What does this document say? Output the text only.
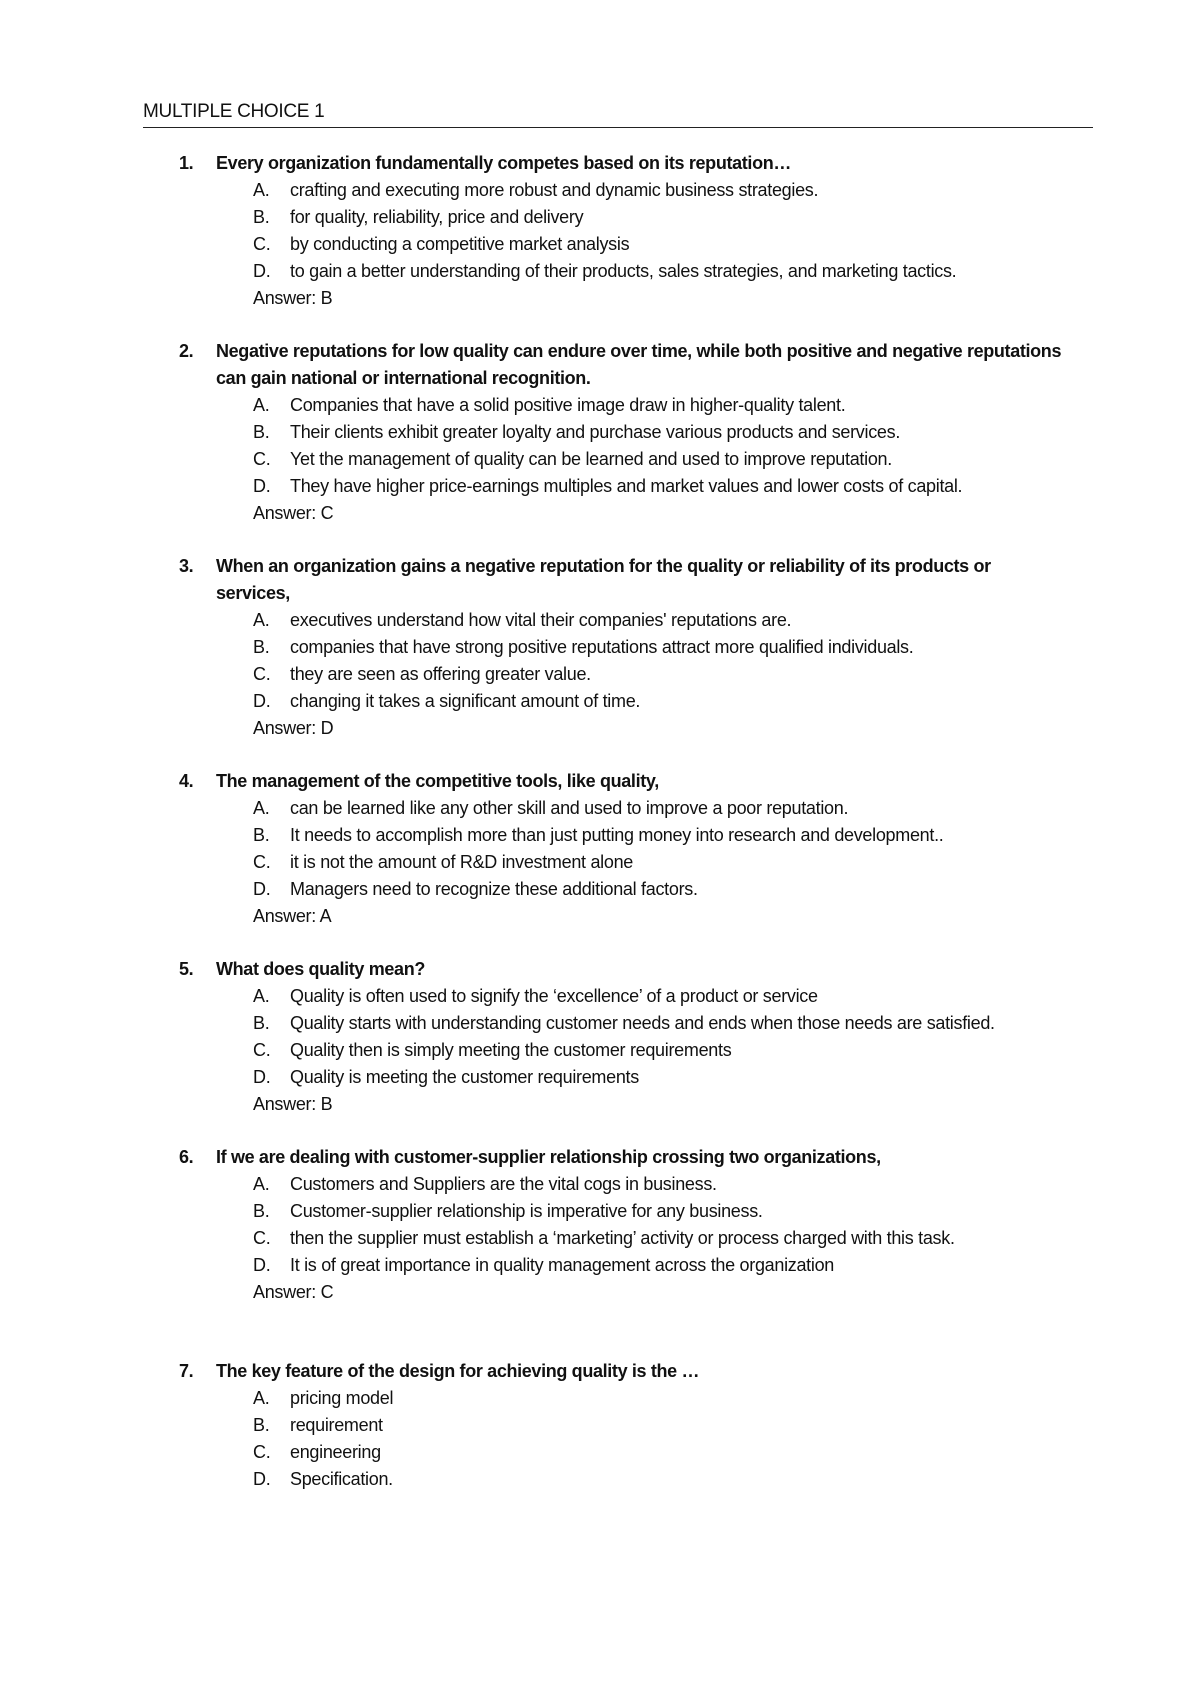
MULTIPLE CHOICE 1
1.	Every organization fundamentally competes based on its reputation…
A.	crafting and executing more robust and dynamic business strategies.
B.	for quality, reliability, price and delivery
C.	by conducting a competitive market analysis
D.	to gain a better understanding of their products, sales strategies, and marketing tactics.
Answer: B
2.	Negative reputations for low quality can endure over time, while both positive and negative reputations can gain national or international recognition.
A.	Companies that have a solid positive image draw in higher-quality talent.
B.	Their clients exhibit greater loyalty and purchase various products and services.
C.	Yet the management of quality can be learned and used to improve reputation.
D.	They have higher price-earnings multiples and market values and lower costs of capital.
Answer: C
3.	When an organization gains a negative reputation for the quality or reliability of its products or services,
A.	executives understand how vital their companies' reputations are.
B.	companies that have strong positive reputations attract more qualified individuals.
C.	they are seen as offering greater value.
D.	changing it takes a significant amount of time.
Answer: D
4.	The management of the competitive tools, like quality,
A.	can be learned like any other skill and used to improve a poor reputation.
B.	It needs to accomplish more than just putting money into research and development..
C.	it is not the amount of R&D investment alone
D.	Managers need to recognize these additional factors.
Answer: A
5.	What does quality mean?
A.	Quality is often used to signify the ‘excellence’ of a product or service
B.	Quality starts with understanding customer needs and ends when those needs are satisfied.
C.	Quality then is simply meeting the customer requirements
D.	Quality is meeting the customer requirements
Answer: B
6.	If we are dealing with customer-supplier relationship crossing two organizations,
A.	Customers and Suppliers are the vital cogs in business.
B.	Customer-supplier relationship is imperative for any business.
C.	then the supplier must establish a ‘marketing’ activity or process charged with this task.
D.	It is of great importance in quality management across the organization
Answer: C
7.	The key feature of the design for achieving quality is the …
A.	pricing model
B.	requirement
C.	engineering
D.	Specification.
